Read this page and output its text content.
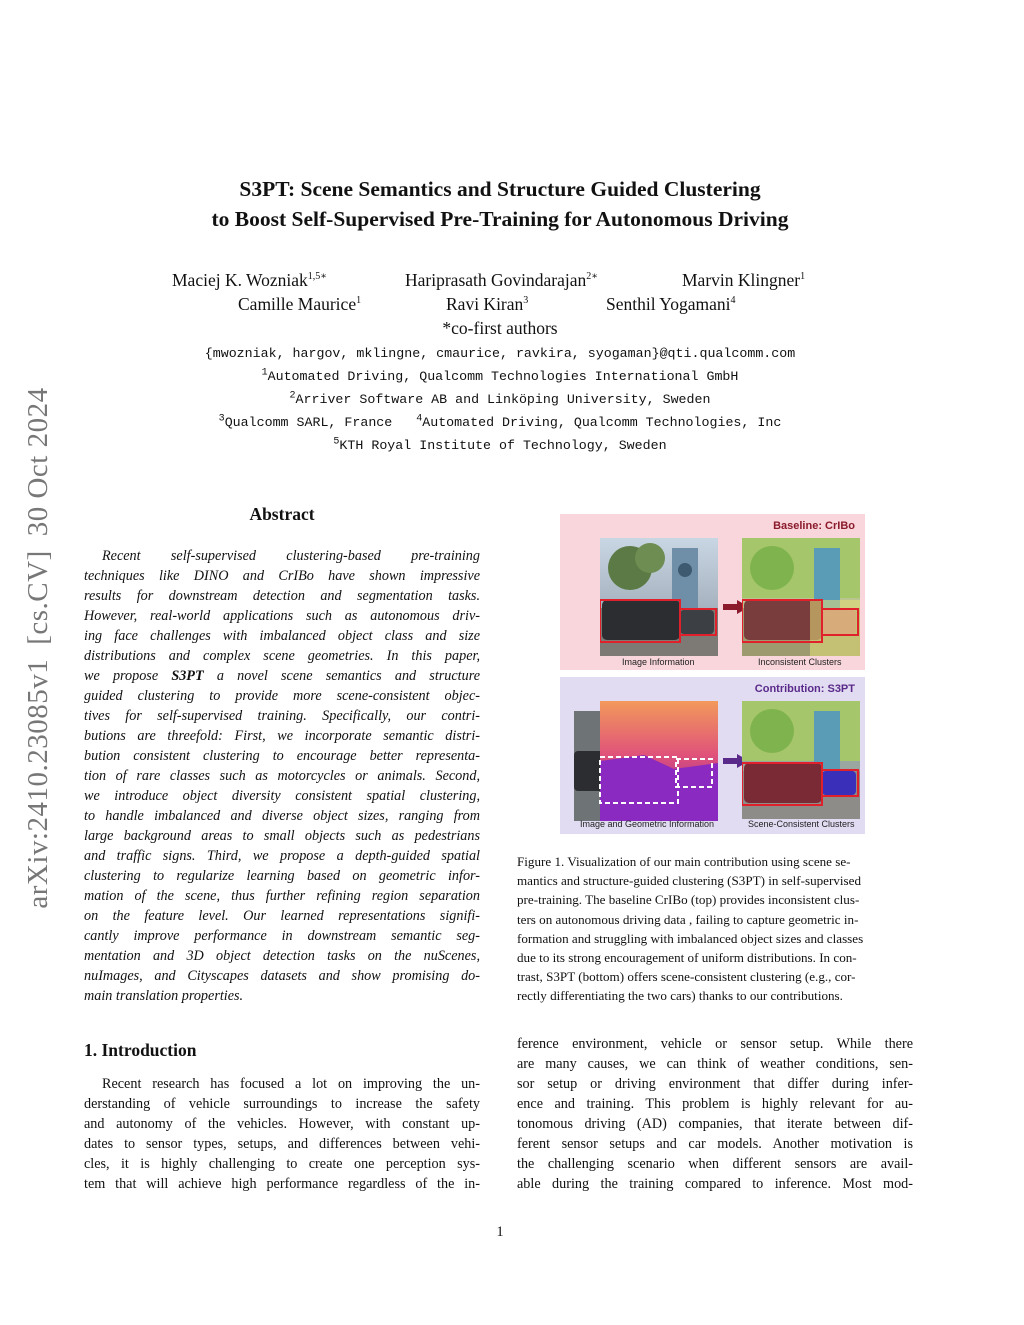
arXiv:2410.23085v1[cs.CV]30 Oct 2024
S3PT: Scene Semantics and Structure Guided Clustering
to Boost Self-Supervised Pre-Training for Autonomous Driving
Maciej K. Wozniak$^{1,5∗}$	Hariprasath Govindarajan$^{2∗}$	Marvin Klingner$^1$
Camille Maurice$^1$	Ravi Kiran$^3$	Senthil Yogamani$^4$
*co-first authors
{mwozniak, hargov, mklingne, cmaurice, ravkira, syogaman}@qti.qualcomm.com
$^1$Automated Driving, Qualcomm Technologies International GmbH
$^2$Arriver Software AB and Linköping University, Sweden
$^3$Qualcomm SARL, France $^4$Automated Driving, Qualcomm Technologies, Inc
$^5$KTH Royal Institute of Technology, Sweden
Abstract
Recent self-supervised clustering-based pre-training
techniques like DINO and CrIBo have shown impressive
results for downstream detection and segmentation tasks.
However, real-world applications such as autonomous driv-
ing face challenges with imbalanced object class and size
distributions and complex scene geometries. In this paper,
we propose S3PT a novel scene semantics and structure
guided clustering to provide more scene-consistent objec-
tives for self-supervised training. Specifically, our contri-
butions are threefold: First, we incorporate semantic distri-
bution consistent clustering to encourage better representa-
tion of rare classes such as motorcycles or animals. Second,
we introduce object diversity consistent spatial clustering,
to handle imbalanced and diverse object sizes, ranging from
large background areas to small objects such as pedestrians
and traffic signs. Third, we propose a depth-guided spatial
clustering to regularize learning based on geometric infor-
mation of the scene, thus further refining region separation
on the feature level. Our learned representations signifi-
cantly improve performance in downstream semantic seg-
mentation and 3D object detection tasks on the nuScenes,
nuImages, and Cityscapes datasets and show promising do-
main translation properties.
1. Introduction
Recent research has focused a lot on improving the un-
derstanding of vehicle surroundings to increase the safety
and autonomy of the vehicles. However, with constant up-
dates to sensor types, setups, and differences between vehi-
cles, it is highly challenging to create one perception sys-
tem that will achieve high performance regardless of the in-
ference environment, vehicle or sensor setup. While there
are many causes, we can think of weather conditions, sen-
sor setup or driving environment that differ during infer-
ence and training. This problem is highly relevant for au-
tonomous driving (AD) companies, that iterate between dif-
ferent sensor setups and car models. Another motivation is
the challenging scenario when different sensors are avail-
able during the training compared to inference. Most mod-
Baseline: CrIBo
Image Information	Inconsistent Clusters
Contribution: S3PT
Image and Geometric Information	Scene-Consistent Clusters
Figure 1. Visualization of our main contribution using scene se-
mantics and structure-guided clustering (S3PT) in self-supervised
pre-training. The baseline CrIBo (top) provides inconsistent clus-
ters on autonomous driving data , failing to capture geometric in-
formation and struggling with imbalanced object sizes and classes
due to its strong encouragement of uniform distributions. In con-
trast, S3PT (bottom) offers scene-consistent clustering (e.g., cor-
rectly differentiating the two cars) thanks to our contributions.
1
